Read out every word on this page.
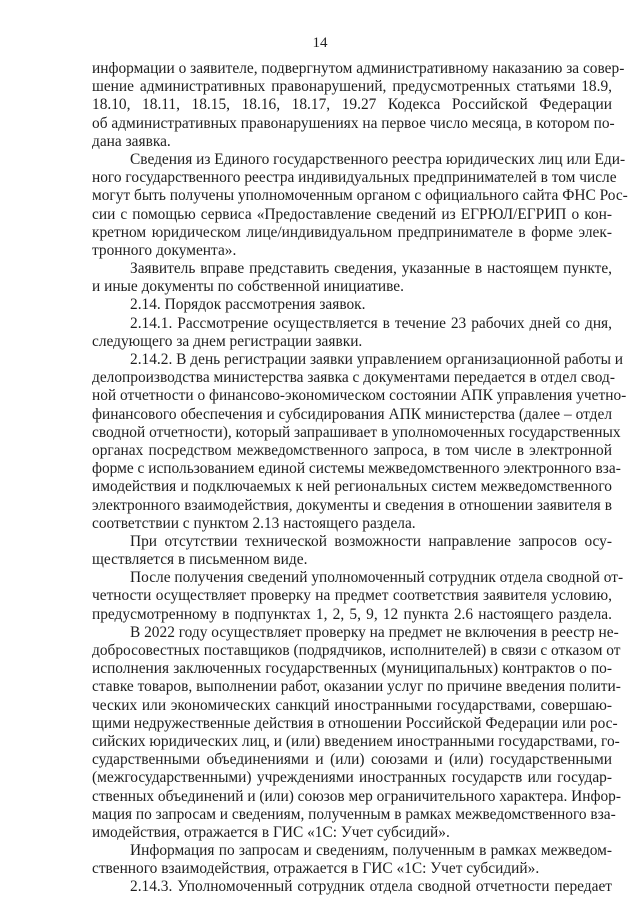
14
информации о заявителе, подвергнутом административному наказанию за совер-
шение административных правонарушений, предусмотренных статьями 18.9,
18.10, 18.11, 18.15, 18.16, 18.17, 19.27 Кодекса Российской Федерации
об административных правонарушениях на первое число месяца, в котором по-
дана заявка.
Сведения из Единого государственного реестра юридических лиц или Еди-
ного государственного реестра индивидуальных предпринимателей в том числе
могут быть получены уполномоченным органом с официального сайта ФНС Рос-
сии с помощью сервиса «Предоставление сведений из ЕГРЮЛ/ЕГРИП о кон-
кретном юридическом лице/индивидуальном предпринимателе в форме элек-
тронного документа».
Заявитель вправе представить сведения, указанные в настоящем пункте,
и иные документы по собственной инициативе.
2.14. Порядок рассмотрения заявок.
2.14.1. Рассмотрение осуществляется в течение 23 рабочих дней со дня,
следующего за днем регистрации заявки.
2.14.2. В день регистрации заявки управлением организационной работы и
делопроизводства министерства заявка с документами передается в отдел свод-
ной отчетности о финансово-экономическом состоянии АПК управления учетно-
финансового обеспечения и субсидирования АПК министерства (далее – отдел
сводной отчетности), который запрашивает в уполномоченных государственных
органах посредством межведомственного запроса, в том числе в электронной
форме с использованием единой системы межведомственного электронного вза-
имодействия и подключаемых к ней региональных систем межведомственного
электронного взаимодействия, документы и сведения в отношении заявителя в
соответствии с пунктом 2.13 настоящего раздела.
При отсутствии технической возможности направление запросов осу-
ществляется в письменном виде.
После получения сведений уполномоченный сотрудник отдела сводной от-
четности осуществляет проверку на предмет соответствия заявителя условию,
предусмотренному в подпунктах 1, 2, 5, 9, 12 пункта 2.6 настоящего раздела.
В 2022 году осуществляет проверку на предмет не включения в реестр не-
добросовестных поставщиков (подрядчиков, исполнителей) в связи с отказом от
исполнения заключенных государственных (муниципальных) контрактов о по-
ставке товаров, выполнении работ, оказании услуг по причине введения полити-
ческих или экономических санкций иностранными государствами, совершаю-
щими недружественные действия в отношении Российской Федерации или рос-
сийских юридических лиц, и (или) введением иностранными государствами, го-
сударственными объединениями и (или) союзами и (или) государственными
(межгосударственными) учреждениями иностранных государств или государ-
ственных объединений и (или) союзов мер ограничительного характера. Инфор-
мация по запросам и сведениям, полученным в рамках межведомственного вза-
имодействия, отражается в ГИС «1С: Учет субсидий».
Информация по запросам и сведениям, полученным в рамках межведом-
ственного взаимодействия, отражается в ГИС «1С: Учет субсидий».
2.14.3. Уполномоченный сотрудник отдела сводной отчетности передает
